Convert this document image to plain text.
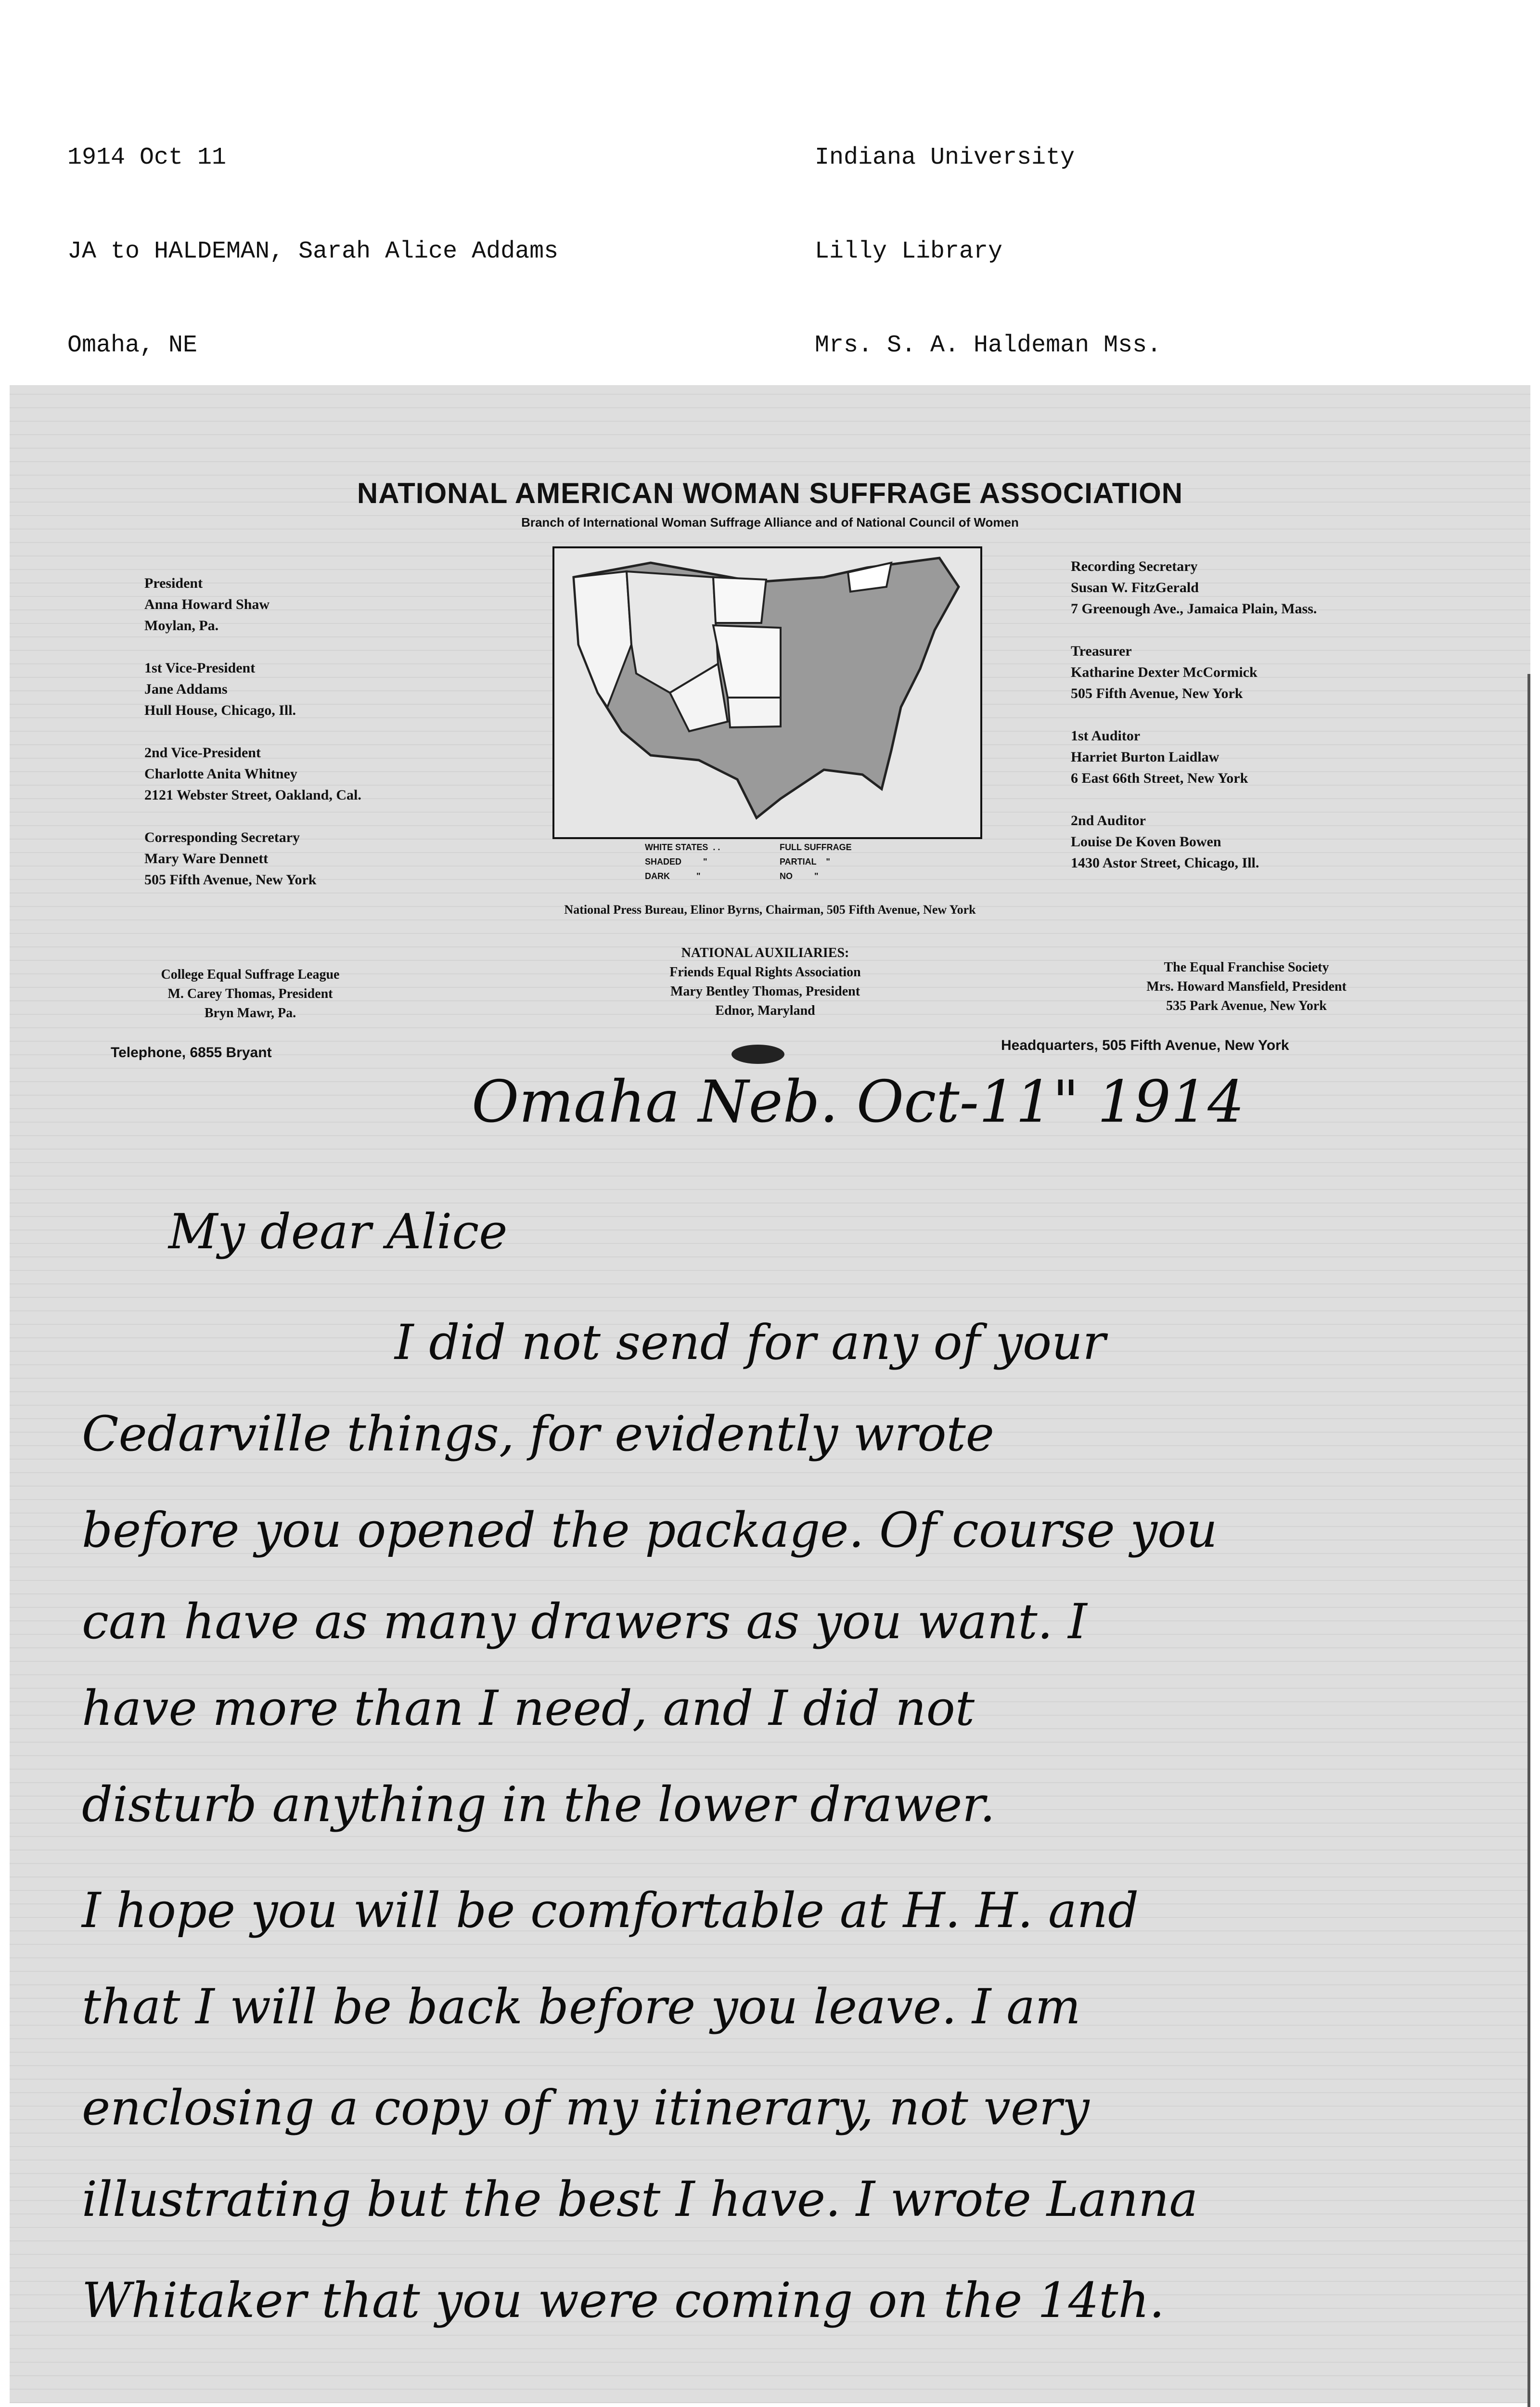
1914 Oct 11

JA to HALDEMAN, Sarah Alice Addams

Omaha, NE

Indiana University

Lilly Library

Mrs. S. A. Haldeman Mss.

NATIONAL AMERICAN WOMAN SUFFRAGE ASSOCIATION
Branch of International Woman Suffrage Alliance and of National Council of Women
President
Anna Howard Shaw
Moylan, Pa.

1st Vice-President
Jane Addams
Hull House, Chicago, Ill.

2nd Vice-President
Charlotte Anita Whitney
2121 Webster Street, Oakland, Cal.

Corresponding Secretary
Mary Ware Dennett
505 Fifth Avenue, New York
Recording Secretary
Susan W. FitzGerald
7 Greenough Ave., Jamaica Plain, Mass.

Treasurer
Katharine Dexter McCormick
505 Fifth Avenue, New York

1st Auditor
Harriet Burton Laidlaw
6 East 66th Street, New York

2nd Auditor
Louise De Koven Bowen
1430 Astor Street, Chicago, Ill.
WHITE STATES  . .
SHADED         "
DARK           "
FULL SUFFRAGE
PARTIAL    "
NO         "
National Press Bureau, Elinor Byrns, Chairman, 505 Fifth Avenue, New York
College Equal Suffrage League
M. Carey Thomas, President
Bryn Mawr, Pa.
NATIONAL AUXILIARIES:
Friends Equal Rights Association
Mary Bentley Thomas, President
Ednor, Maryland
The Equal Franchise Society
Mrs. Howard Mansfield, President
535 Park Avenue, New York
Telephone, 6855 Bryant	Headquarters, 505 Fifth Avenue, New York
Omaha Neb. Oct-11" 1914
My dear Alice
I did not send for any of your
Cedarville things, for evidently wrote
before you opened the package. Of course you
can have as many drawers as you want. I
have more than I need, and I did not
disturb anything in the lower drawer.
I hope you will be comfortable at H. H. and
that I will be back before you leave. I am
enclosing a copy of my itinerary, not very
illustrating but the best I have. I wrote Lanna
Whitaker that you were coming on the 14th.
